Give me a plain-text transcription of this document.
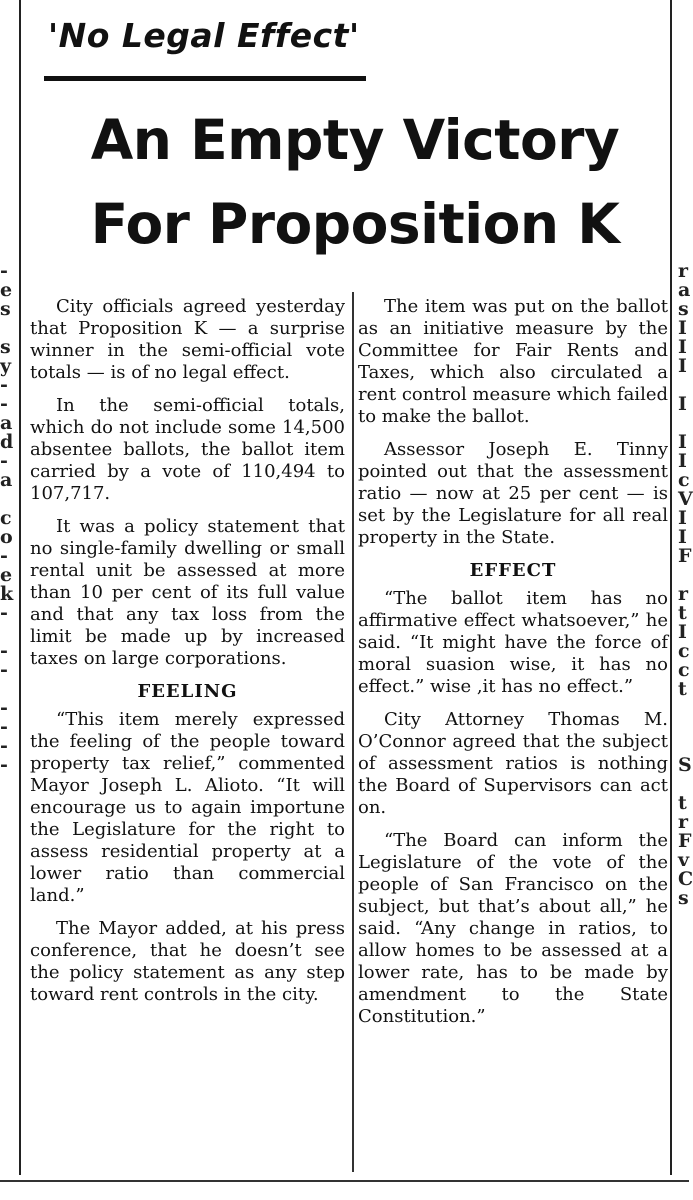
-
e
s
s
y
-
-
a
d
-
a
c
o
-
e
k
-
-
-
-
-
-
-
r
a
s
I
I
I
I
I
I
c
V
I
I
F
r
t
I
c
c
t
S
t
r
F
v
C
s
'No Legal Effect'
An Empty Victory
For Proposition K

City officials agreed yesterday that Proposition K — a surprise winner in the semi-official vote totals — is of no legal effect.

In the semi-official totals, which do not include some 14,500 absentee ballots, the ballot item carried by a vote of 110,494 to 107,717.

It was a policy statement that no single-family dwelling or small rental unit be assessed at more than 10 per cent of its full value and that any tax loss from the limit be made up by increased taxes on large corporations.

FEELING

“This item merely expressed the feeling of the people toward property tax relief,” commented Mayor Joseph L. Alioto. “It will encourage us to again importune the Legislature for the right to assess residential property at a lower ratio than commercial land.”

The Mayor added, at his press conference, that he doesn’t see the policy statement as any step toward rent controls in the city.

The item was put on the ballot as an initiative measure by the Committee for Fair Rents and Taxes, which also circulated a rent control measure which failed to make the ballot.

Assessor Joseph E. Tinny pointed out that the assessment ratio — now at 25 per cent — is set by the Legislature for all real property in the State.

EFFECT

“The ballot item has no affirmative effect whatsoever,” he said. “It might have the force of moral suasion wise, it has no effect.” wise ,it has no effect.”

City Attorney Thomas M. O’Connor agreed that the subject of assessment ratios is nothing the Board of Supervisors can act on.

“The Board can inform the Legislature of the vote of the people of San Francisco on the subject, but that’s about all,” he said. “Any change in ratios, to allow homes to be assessed at a lower rate, has to be made by amendment to the State Constitution.”
